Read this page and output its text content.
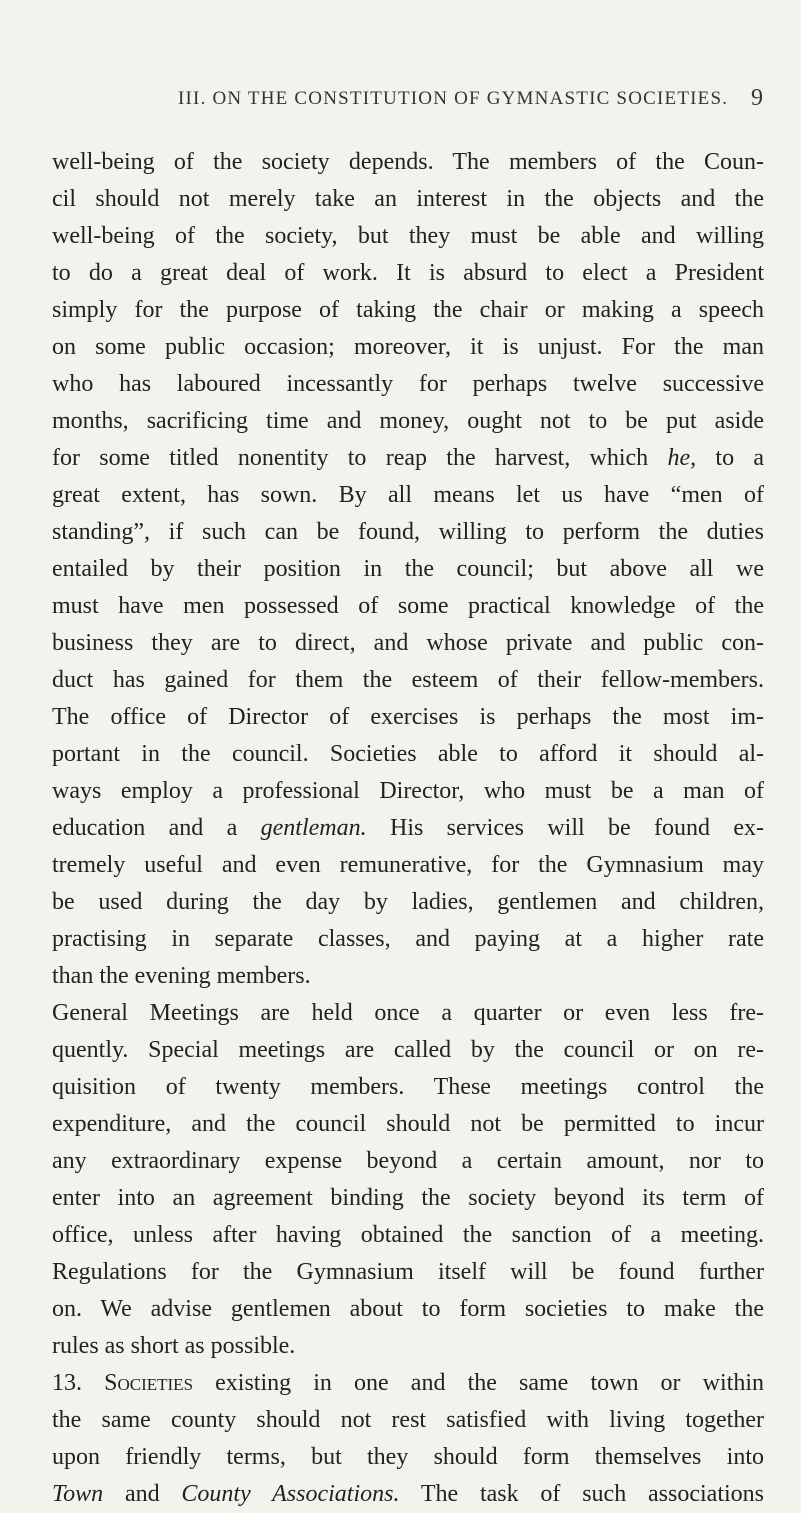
III. ON THE CONSTITUTION OF GYMNASTIC SOCIETIES. 9
well-being of the society depends. The members of the Coun-
cil should not merely take an interest in the objects and the
well-being of the society, but they must be able and willing
to do a great deal of work. It is absurd to elect a President
simply for the purpose of taking the chair or making a speech
on some public occasion; moreover, it is unjust. For the man
who has laboured incessantly for perhaps twelve successive
months, sacrificing time and money, ought not to be put aside
for some titled nonentity to reap the harvest, which he, to a
great extent, has sown. By all means let us have “men of
standing”, if such can be found, willing to perform the duties
entailed by their position in the council; but above all we
must have men possessed of some practical knowledge of the
business they are to direct, and whose private and public con-
duct has gained for them the esteem of their fellow-members.
The office of Director of exercises is perhaps the most im-
portant in the council. Societies able to afford it should al-
ways employ a professional Director, who must be a man of
education and a gentleman. His services will be found ex-
tremely useful and even remunerative, for the Gymnasium may
be used during the day by ladies, gentlemen and children,
practising in separate classes, and paying at a higher rate
than the evening members.
General Meetings are held once a quarter or even less fre-
quently. Special meetings are called by the council or on re-
quisition of twenty members. These meetings control the
expenditure, and the council should not be permitted to incur
any extraordinary expense beyond a certain amount, nor to
enter into an agreement binding the society beyond its term of
office, unless after having obtained the sanction of a meeting.
Regulations for the Gymnasium itself will be found further
on. We advise gentlemen about to form societies to make the
rules as short as possible.
13. Societies existing in one and the same town or within
the same county should not rest satisfied with living together
upon friendly terms, but they should form themselves into
Town and County Associations. The task of such associations
